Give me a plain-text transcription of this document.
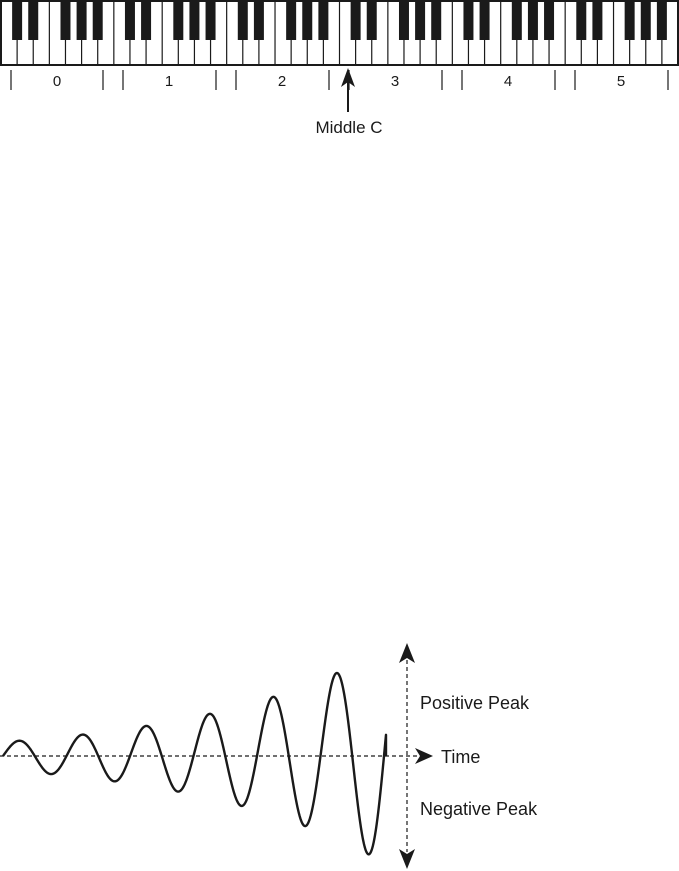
0	1	2	3	4	5
Middle C
Time
Positive Peak
Negative Peak
